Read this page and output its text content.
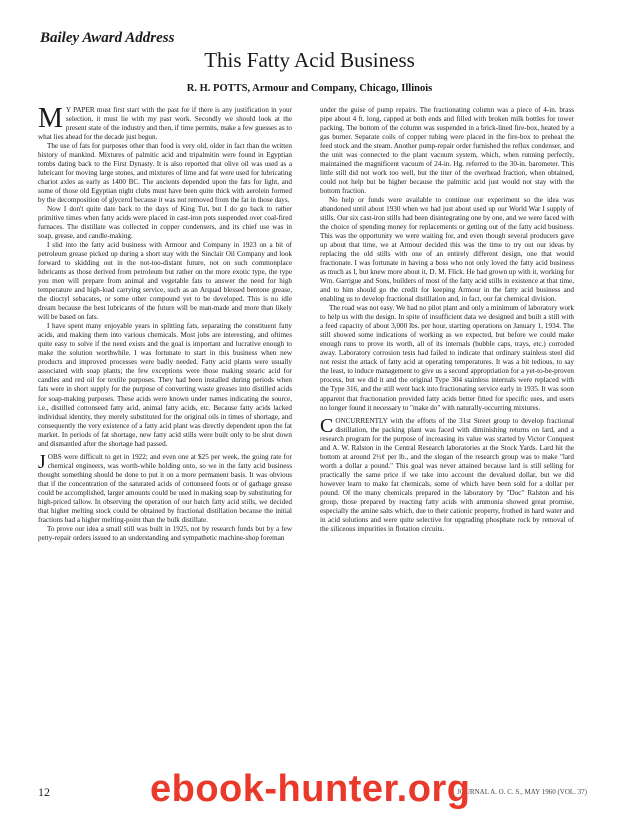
Bailey Award Address
This Fatty Acid Business

R. H. POTTS, Armour and Company, Chicago, Illinois

M Y PAPER must first start with the past for if there is any justification in your selection, it must lie with my past work. Secondly we should look at the present state of the industry and then, if time permits, make a few guesses as to what lies ahead for the decade just begun.

The use of fats for purposes other than food is very old, older in fact than the written history of mankind. Mixtures of palmitic acid and tripalmitin were found in Egyptian tombs dating back to the First Dynasty. It is also reported that olive oil was used as a lubricant for moving large stones, and mixtures of lime and fat were used for lubricating chariot axles as early as 1400 BC. The ancients depended upon the fats for light, and some of those old Egyptian night clubs must have been quite thick with aerolein formed by the decomposition of glycerol because it was not removed from the fat in those days.

Now I don't quite date back to the days of King Tut, but I do go back to rather primitive times when fatty acids were placed in cast-iron pots suspended over coal-fired furnaces. The distillate was collected in copper condensers, and its chief use was in soap, grease, and candle-making.

I slid into the fatty acid business with Armour and Company in 1923 on a bit of petroleum grease picked up during a short stay with the Sinclair Oil Company and look forward to skidding out in the not-too-distant future, not on such commonplace lubricants as those derived from petroleum but rather on the more exotic type, the type you men will prepare from animal and vegetable fats to answer the need for high temperature and high-load carrying service, such as an Arquad blessed bentone grease, the dioctyl sebacates, or some other compound yet to be developed. This is no idle dream because the best lubricants of the future will be man-made and more than likely will be based on fats.

I have spent many enjoyable years in splitting fats, separating the constituent fatty acids, and making them into various chemicals. Most jobs are interesting, and oftimes quite easy to solve if the need exists and the goal is important and lucrative enough to make the solution worthwhile. I was fortunate to start in this business when new products and improved processes were badly needed. Fatty acid plants were usually associated with soap plants; the few exceptions were those making stearic acid for candles and red oil for textile purposes. They had been installed during periods when fats were in short supply for the purpose of converting waste greases into distilled acids for soap-making purposes. These acids were known under names indicating the source, i.e., distilled cottonseed fatty acid, animal fatty acids, etc. Because fatty acids lacked individual identity, they merely substituted for the original oils in times of shortage, and consequently the very existence of a fatty acid plant was directly dependent upon the fat market. In periods of fat shortage, new fatty acid stills were built only to be shut down and dismantled after the shortage had passed.

JOBS were difficult to get in 1922; and even one at $25 per week, the going rate for chemical engineers, was worth-while holding onto, so we in the fatty acid business thought something should be done to put it on a more permanent basis. It was obvious that if the concentration of the saturated acids of cottonseed foots or of garbage grease could be accomplished, larger amounts could be used in making soap by substituting for high-priced tallow. In observing the operation of our batch fatty acid stills, we decided that higher melting stock could be obtained by fractional distillation because the initial fractions had a higher melting-point than the bulk distillate.

To prove our idea a small still was built in 1925, not by research funds but by a few petty-repair orders issued to an understanding and sympathetic machine-shop foreman

under the guise of pump repairs. The fractionating column was a piece of 4-in. brass pipe about 4 ft. long, capped at both ends and filled with broken milk bottles for tower packing. The bottom of the column was suspended in a brick-lined fire-box, heated by a gas burner. Separate coils of copper tubing were placed in the fire-box to preheat the feed stock and the steam. Another pump-repair order furnished the reflux condenser, and the unit was connected to the plant vacuum system, which, when running perfectly, maintained the magnificent vacuum of 24-in. Hg. referred to the 30-in. barometer. This little still did not work too well, but the titer of the overhead fraction, when obtained, could not help but be higher because the palmitic acid just would not stay with the bottom fraction.

No help or funds were available to continue our experiment so the idea was abandoned until about 1930 when we had just about used up our World War I supply of stills. Our six cast-iron stills had been disintegrating one by one, and we were faced with the choice of spending money for replacements or getting out of the fatty acid business. This was the opportunity we were waiting for, and even though several producers gave up about that time, we at Armour decided this was the time to try out our ideas by replacing the old stills with one of an entirely different design, one that would fractionate. I was fortunate in having a boss who not only loved the fatty acid business as much as I, but knew more about it, D. M. Flick. He had grown up with it, working for Wm. Garrigue and Sons, builders of most of the fatty acid stills in existence at that time, and to him should go the credit for keeping Armour in the fatty acid business and enabling us to develop fractional distillation and, in fact, our fat chemical division.

The road was not easy. We had no pilot plant and only a minimum of laboratory work to help us with the design. In spite of insufficient data we designed and built a still with a feed capacity of about 3,000 lbs. per hour, starting operations on January 1, 1934. The still showed some indications of working as we expected, but before we could make enough runs to prove its worth, all of its internals (bubble caps, trays, etc.) corroded away. Laboratory corrosion tests had failed to indicate that ordinary stainless steel did not resist the attack of fatty acid at operating temperatures. It was a bit tedious, to say the least, to induce management to give us a second appropriation for a yet-to-be-proven process, but we did it and the original Type 304 stainless internals were replaced with the Type 316, and the still went back into fractionating service early in 1935. It was soon apparent that fractionation provided fatty acids better fitted for specific uses, and users no longer found it necessary to "make do" with naturally-occurring mixtures.

CONCURRENTLY with the efforts of the 31st Street group to develop fractional distillation, the packing plant was faced with diminishing returns on lard, and a research program for the purpose of increasing its value was started by Victor Conquest and A. W. Ralston in the Central Research laboratories at the Stock Yards. Lard hit the bottom at around 2½¢ per lb., and the slogan of the research group was to make "lard worth a dollar a pound." This goal was never attained because lard is still selling for practically the same price if we take into account the devalued dollar, but we did however learn to make fat chemicals, some of which have been sold for a dollar per pound. Of the many chemicals prepared in the laboratory by "Doc" Ralston and his group, those prepared by reacting fatty acids with ammonia showed great promise, especially the amine salts which, due to their cationic property, frothed in hard water and in acid solutions and were quite selective for upgrading phosphate rock by removal of the siliceous impurities in flotation circuits.

12	JOURNAL A. O. C. S., MAY 1960 (VOL. 37)

ebook-hunter.org
